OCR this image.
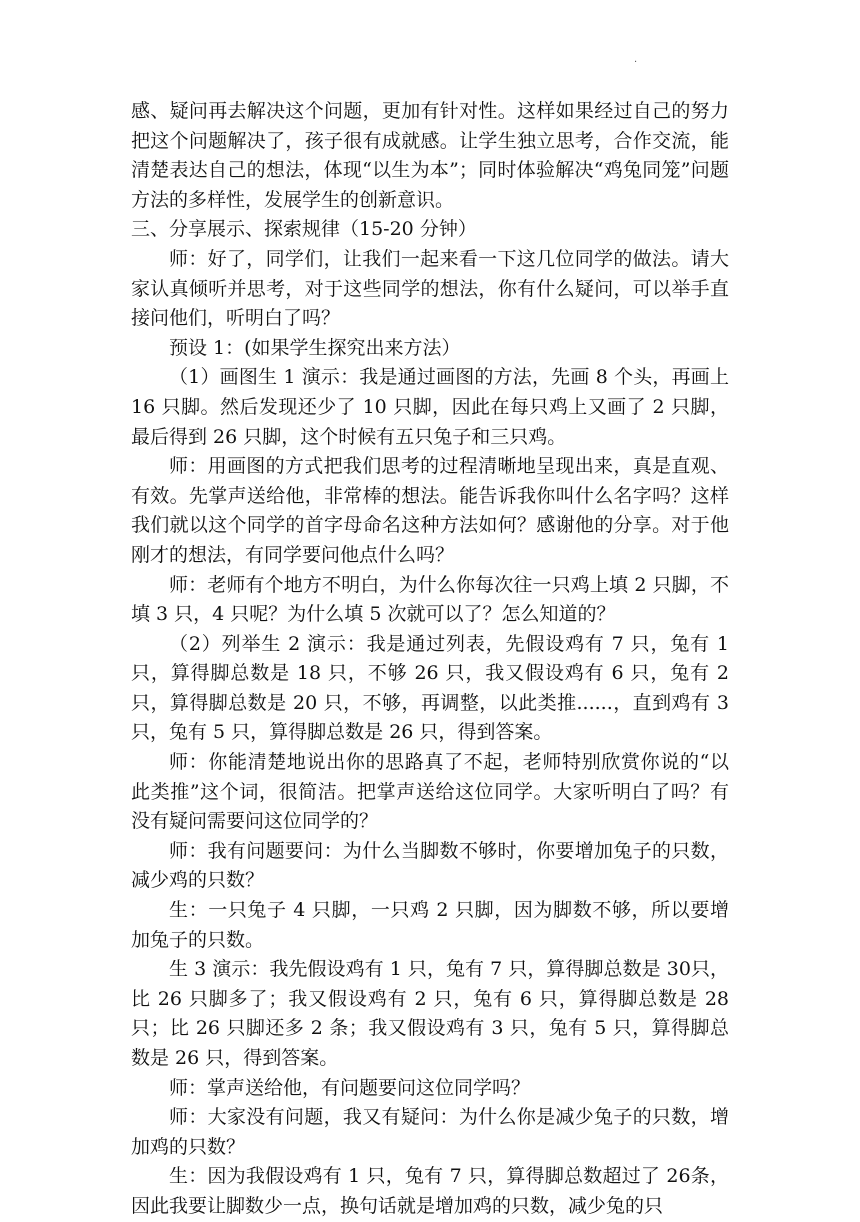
.

感、疑问再去解决这个问题，更加有针对性。这样如果经过自己的努力把这个问题解决了，孩子很有成就感。让学生独立思考，合作交流，能清楚表达自己的想法，体现“以生为本”；同时体验解决“鸡兔同笼”问题方法的多样性，发展学生的创新意识。

三、分享展示、探索规律（15-20 分钟）

师：好了，同学们，让我们一起来看一下这几位同学的做法。请大家认真倾听并思考，对于这些同学的想法，你有什么疑问，可以举手直接问他们，听明白了吗？

预设 1：(如果学生探究出来方法）

（1）画图生 1 演示：我是通过画图的方法，先画 8 个头，再画上 16 只脚。然后发现还少了 10 只脚，因此在每只鸡上又画了 2 只脚，最后得到 26 只脚，这个时候有五只兔子和三只鸡。

师：用画图的方式把我们思考的过程清晰地呈现出来，真是直观、有效。先掌声送给他，非常棒的想法。能告诉我你叫什么名字吗？这样我们就以这个同学的首字母命名这种方法如何？感谢他的分享。对于他刚才的想法，有同学要问他点什么吗？

师：老师有个地方不明白，为什么你每次往一只鸡上填 2 只脚，不填 3 只，4 只呢？为什么填 5 次就可以了？怎么知道的？

（2）列举生 2 演示：我是通过列表，先假设鸡有 7 只，兔有 1 只，算得脚总数是 18 只，不够 26 只，我又假设鸡有 6 只，兔有 2 只，算得脚总数是 20 只，不够，再调整，以此类推......，直到鸡有 3 只，兔有 5 只，算得脚总数是 26 只，得到答案。

师：你能清楚地说出你的思路真了不起，老师特别欣赏你说的“以此类推”这个词，很简洁。把掌声送给这位同学。大家听明白了吗？有没有疑问需要问这位同学的？

师：我有问题要问：为什么当脚数不够时，你要增加兔子的只数，减少鸡的只数？

生：一只兔子 4 只脚，一只鸡 2 只脚，因为脚数不够，所以要增加兔子的只数。

生 3 演示：我先假设鸡有 1 只，兔有 7 只，算得脚总数是 30只，比 26 只脚多了；我又假设鸡有 2 只，兔有 6 只，算得脚总数是 28 只；比 26 只脚还多 2 条；我又假设鸡有 3 只，兔有 5 只，算得脚总数是 26 只，得到答案。

师：掌声送给他，有问题要问这位同学吗？

师：大家没有问题，我又有疑问：为什么你是减少兔子的只数，增加鸡的只数？

生：因为我假设鸡有 1 只，兔有 7 只，算得脚总数超过了 26条，因此我要让脚数少一点，换句话就是增加鸡的只数，减少兔的只
